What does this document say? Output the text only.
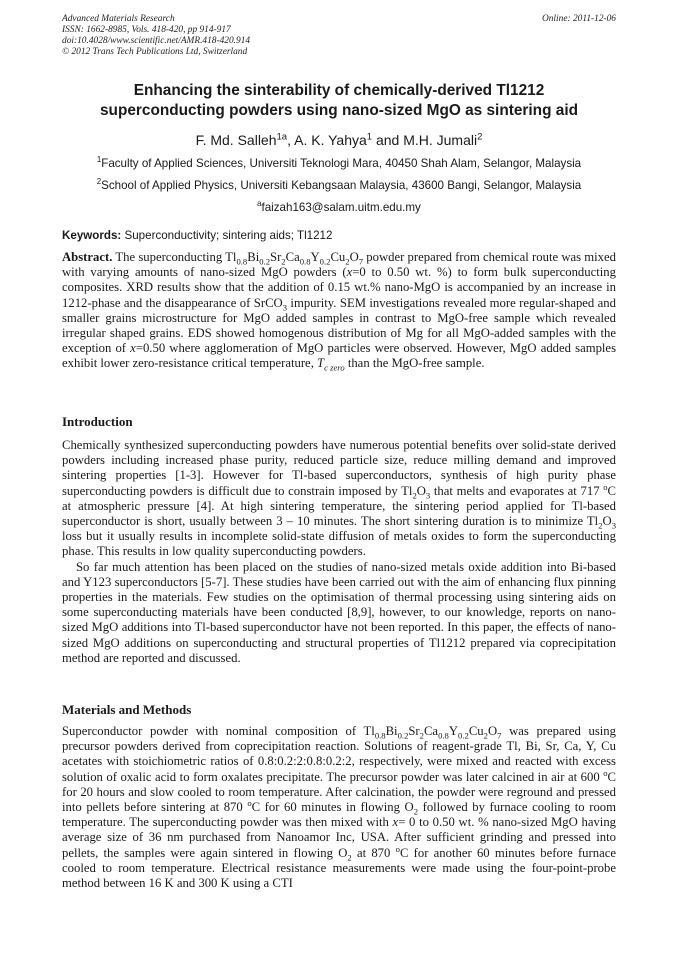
Advanced Materials Research
ISSN: 1662-8985, Vols. 418-420, pp 914-917
doi:10.4028/www.scientific.net/AMR.418-420.914
© 2012 Trans Tech Publications Ltd, Switzerland
Online: 2011-12-06
Enhancing the sinterability of chemically-derived Tl1212
superconducting powders using nano-sized MgO as sintering aid
F. Md. Salleh$^{1a}$, A. K. Yahya$^1$ and M.H. Jumali$^2$
$^1$Faculty of Applied Sciences, Universiti Teknologi Mara, 40450 Shah Alam, Selangor, Malaysia
$^2$School of Applied Physics, Universiti Kebangsaan Malaysia, 43600 Bangi, Selangor, Malaysia
$^a$faizah163@salam.uitm.edu.my
Keywords: Superconductivity; sintering aids; Tl1212

Abstract. The superconducting $Tl_{0.8}Bi_{0.2}Sr_2Ca_{0.8}Y_{0.2}Cu_2O_7$ powder prepared from chemical route was mixed with varying amounts of nano-sized MgO powders (x=0 to 0.50 wt. %) to form bulk superconducting composites. XRD results show that the addition of 0.15 wt.% nano-MgO is accompanied by an increase in 1212-phase and the disappearance of SrCO$_3$ impurity. SEM investigations revealed more regular-shaped and smaller grains microstructure for MgO added samples in contrast to MgO-free sample which revealed irregular shaped grains. EDS showed homogenous distribution of Mg for all MgO-added samples with the exception of x=0.50 where agglomeration of MgO particles were observed. However, MgO added samples exhibit lower zero-resistance critical temperature, $T_{c zero}$ than the MgO-free sample.

Introduction

Chemically synthesized superconducting powders have numerous potential benefits over solid-state derived powders including increased phase purity, reduced particle size, reduce milling demand and improved sintering properties [1-3]. However for Tl-based superconductors, synthesis of high purity phase superconducting powders is difficult due to constrain imposed by $Tl_2O_3$ that melts and evaporates at 717 $^o$C at atmospheric pressure [4]. At high sintering temperature, the sintering period applied for Tl-based superconductor is short, usually between 3 – 10 minutes. The short sintering duration is to minimize $Tl_2O_3$ loss but it usually results in incomplete solid-state diffusion of metals oxides to form the superconducting phase. This results in low quality superconducting powders.

So far much attention has been placed on the studies of nano-sized metals oxide addition into Bi-based and Y123 superconductors [5-7]. These studies have been carried out with the aim of enhancing flux pinning properties in the materials. Few studies on the optimisation of thermal processing using sintering aids on some superconducting materials have been conducted [8,9], however, to our knowledge, reports on nano-sized MgO additions into Tl-based superconductor have not been reported. In this paper, the effects of nano-sized MgO additions on superconducting and structural properties of Tl1212 prepared via coprecipitation method are reported and discussed.

Materials and Methods

Superconductor powder with nominal composition of $Tl_{0.8}Bi_{0.2}Sr_2Ca_{0.8}Y_{0.2}Cu_2O_7$ was prepared using precursor powders derived from coprecipitation reaction. Solutions of reagent-grade Tl, Bi, Sr, Ca, Y, Cu acetates with stoichiometric ratios of 0.8:0.2:2:0.8:0.2:2, respectively, were mixed and reacted with excess solution of oxalic acid to form oxalates precipitate. The precursor powder was later calcined in air at 600 $^o$C for 20 hours and slow cooled to room temperature. After calcination, the powder were reground and pressed into pellets before sintering at 870 $^o$C for 60 minutes in flowing $O_2$ followed by furnace cooling to room temperature. The superconducting powder was then mixed with x= 0 to 0.50 wt. % nano-sized MgO having average size of 36 nm purchased from Nanoamor Inc, USA. After sufficient grinding and pressed into pellets, the samples were again sintered in flowing $O_2$ at 870 $^o$C for another 60 minutes before furnace cooled to room temperature. Electrical resistance measurements were made using the four-point-probe method between 16 K and 300 K using a CTI
